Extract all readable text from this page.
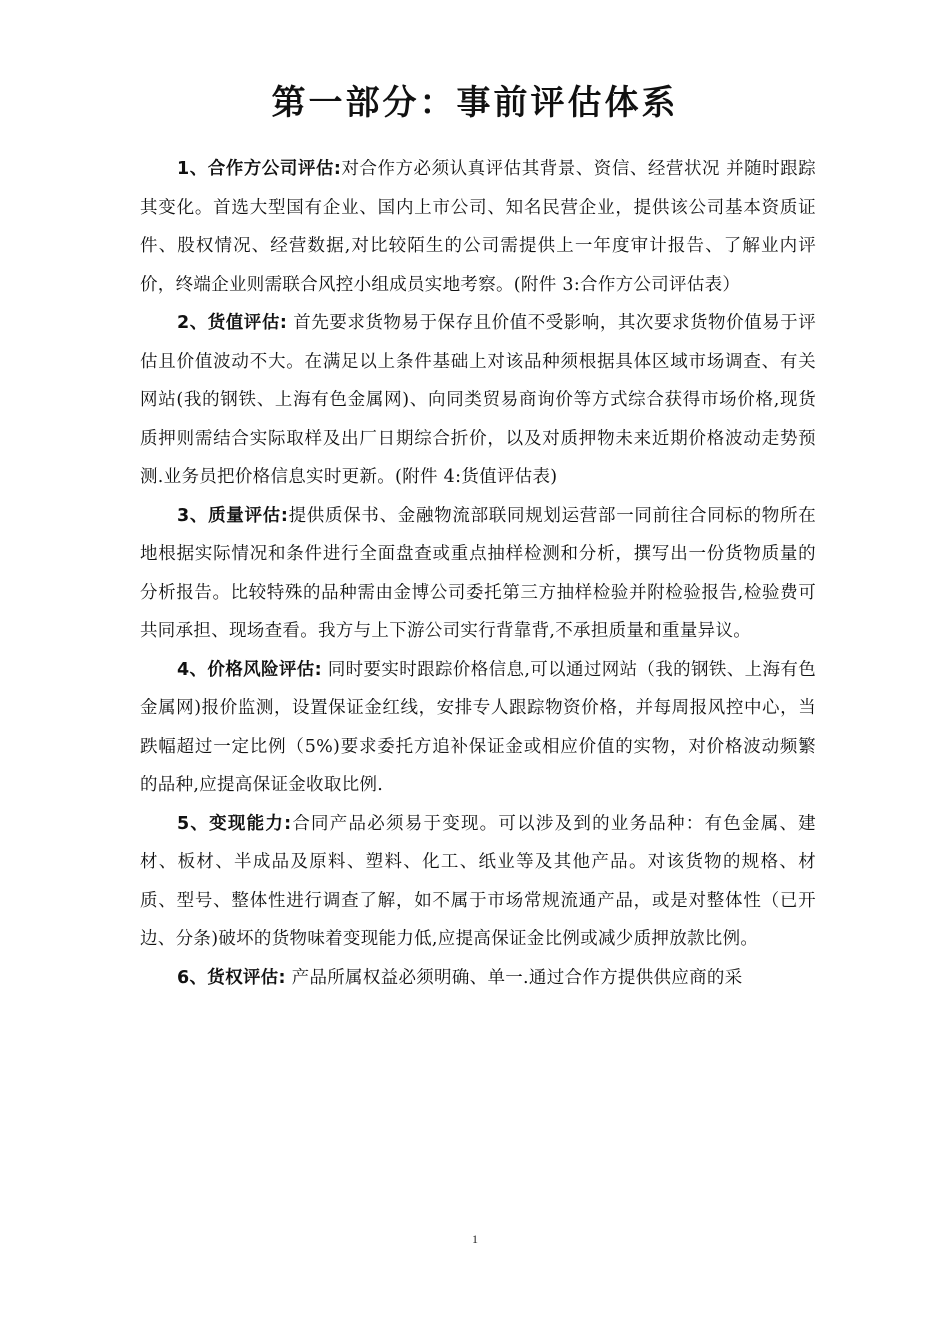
第一部分：事前评估体系

1、合作方公司评估:对合作方必须认真评估其背景、资信、经营状况 并随时跟踪其变化。首选大型国有企业、国内上市公司、知名民营企业，提供该公司基本资质证件、股权情况、经营数据,对比较陌生的公司需提供上一年度审计报告、了解业内评价，终端企业则需联合风控小组成员实地考察。(附件 3:合作方公司评估表）

2、货值评估: 首先要求货物易于保存且价值不受影响，其次要求货物价值易于评估且价值波动不大。在满足以上条件基础上对该品种须根据具体区域市场调查、有关网站(我的钢铁、上海有色金属网)、向同类贸易商询价等方式综合获得市场价格,现货质押则需结合实际取样及出厂日期综合折价，以及对质押物未来近期价格波动走势预测.业务员把价格信息实时更新。(附件 4:货值评估表)

3、质量评估:提供质保书、金融物流部联同规划运营部一同前往合同标的物所在地根据实际情况和条件进行全面盘查或重点抽样检测和分析，撰写出一份货物质量的分析报告。比较特殊的品种需由金博公司委托第三方抽样检验并附检验报告,检验费可共同承担、现场查看。我方与上下游公司实行背靠背,不承担质量和重量异议。

4、价格风险评估: 同时要实时跟踪价格信息,可以通过网站（我的钢铁、上海有色金属网)报价监测，设置保证金红线，安排专人跟踪物资价格，并每周报风控中心，当跌幅超过一定比例（5%)要求委托方追补保证金或相应价值的实物，对价格波动频繁的品种,应提高保证金收取比例.

5、变现能力:合同产品必须易于变现。可以涉及到的业务品种：有色金属、建材、板材、半成品及原料、塑料、化工、纸业等及其他产品。对该货物的规格、材质、型号、整体性进行调查了解，如不属于市场常规流通产品，或是对整体性（已开边、分条)破坏的货物味着变现能力低,应提高保证金比例或减少质押放款比例。

6、货权评估: 产品所属权益必须明确、单一.通过合作方提供供应商的采

1
